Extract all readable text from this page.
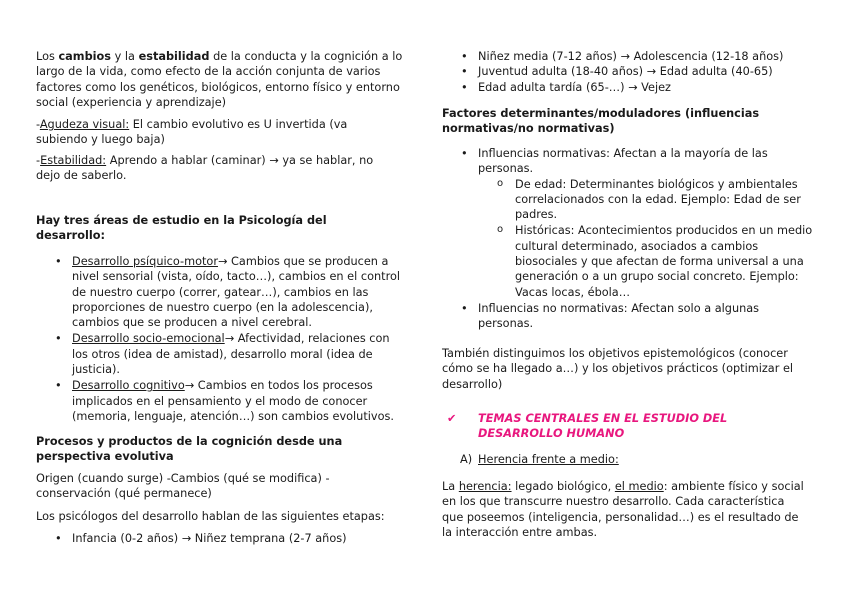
Los cambios y la estabilidad de la conducta y la cognición a lo largo de la vida, como efecto de la acción conjunta de varios factores como los genéticos, biológicos, entorno físico y entorno social (experiencia y aprendizaje)

-Agudeza visual: El cambio evolutivo es U invertida (va subiendo y luego baja)

-Estabilidad: Aprendo a hablar (caminar) → ya se hablar, no dejo de saberlo.

Hay tres áreas de estudio en la Psicología del desarrollo:

• Desarrollo psíquico-motor→ Cambios que se producen a nivel sensorial (vista, oído, tacto…), cambios en el control de nuestro cuerpo (correr, gatear…), cambios en las proporciones de nuestro cuerpo (en la adolescencia), cambios que se producen a nivel cerebral.

• Desarrollo socio-emocional→ Afectividad, relaciones con los otros (idea de amistad), desarrollo moral (idea de justicia).

• Desarrollo cognitivo→ Cambios en todos los procesos implicados en el pensamiento y el modo de conocer (memoria, lenguaje, atención…) son cambios evolutivos.

Procesos y productos de la cognición desde una perspectiva evolutiva

Origen (cuando surge) -Cambios (qué se modifica) -conservación (qué permanece)

Los psicólogos del desarrollo hablan de las siguientes etapas:

• Infancia (0-2 años) → Niñez temprana (2-7 años)

• Niñez media (7-12 años) → Adolescencia (12-18 años)

• Juventud adulta (18-40 años) → Edad adulta (40-65)

• Edad adulta tardía (65-…) → Vejez

Factores determinantes/moduladores (influencias normativas/no normativas)

• Influencias normativas: Afectan a la mayoría de las personas.

o De edad: Determinantes biológicos y ambientales correlacionados con la edad. Ejemplo: Edad de ser padres.

o Históricas: Acontecimientos producidos en un medio cultural determinado, asociados a cambios biosociales y que afectan de forma universal a una generación o a un grupo social concreto. Ejemplo: Vacas locas, ébola…

• Influencias no normativas: Afectan solo a algunas personas.

También distinguimos los objetivos epistemológicos (conocer cómo se ha llegado a…) y los objetivos prácticos (optimizar el desarrollo)

✔ TEMAS CENTRALES EN EL ESTUDIO DEL DESARROLLO HUMANO

A) Herencia frente a medio:

La herencia: legado biológico, el medio: ambiente físico y social en los que transcurre nuestro desarrollo. Cada característica que poseemos (inteligencia, personalidad…) es el resultado de la interacción entre ambas.
